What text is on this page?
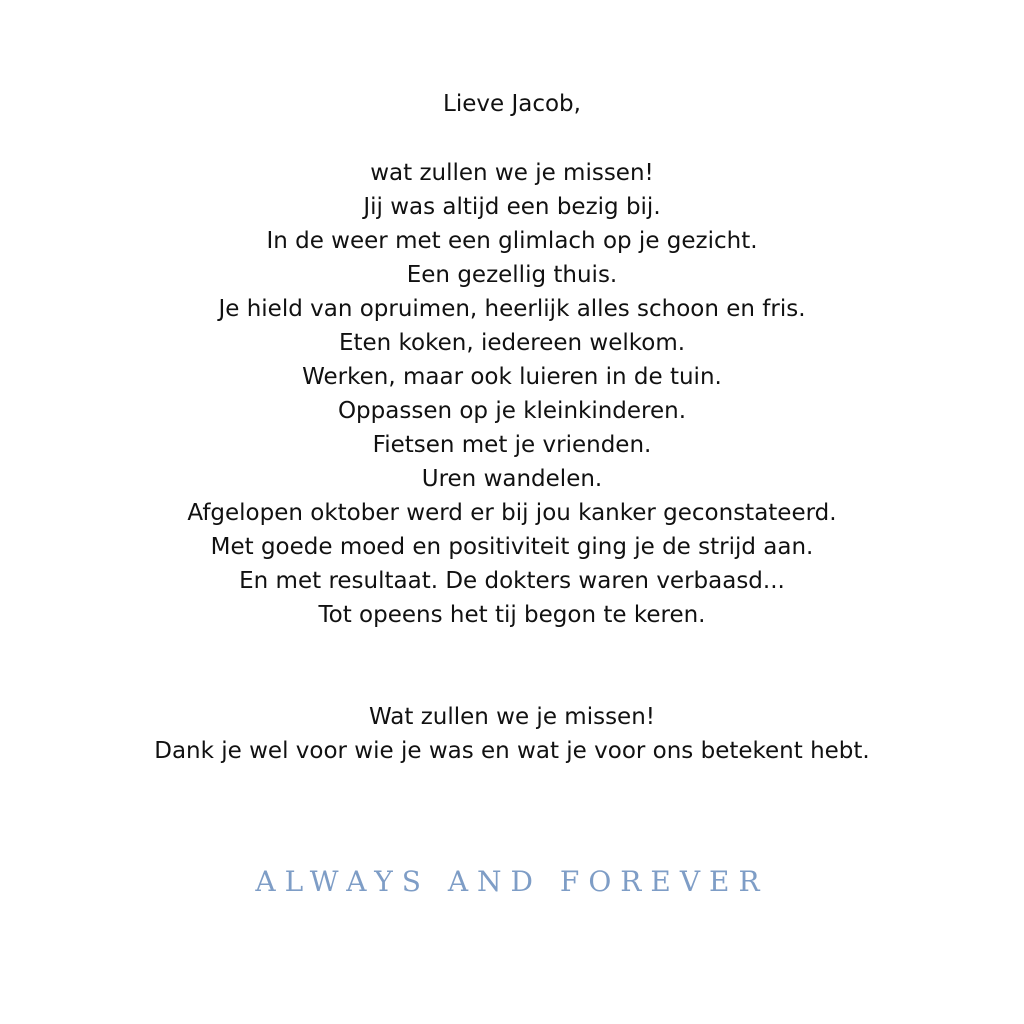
Lieve Jacob,
wat zullen we je missen!
Jij was altijd een bezig bij.
In de weer met een glimlach op je gezicht.
Een gezellig thuis.
Je hield van opruimen, heerlijk alles schoon en fris.
Eten koken, iedereen welkom.
Werken, maar ook luieren in de tuin.
Oppassen op je kleinkinderen.
Fietsen met je vrienden.
Uren wandelen.
Afgelopen oktober werd er bij jou kanker geconstateerd.
Met goede moed en positiviteit ging je de strijd aan.
En met resultaat. De dokters waren verbaasd...
Tot opeens het tij begon te keren.
Wat zullen we je missen!
Dank je wel voor wie je was en wat je voor ons betekent hebt.
ALWAYS AND FOREVER
